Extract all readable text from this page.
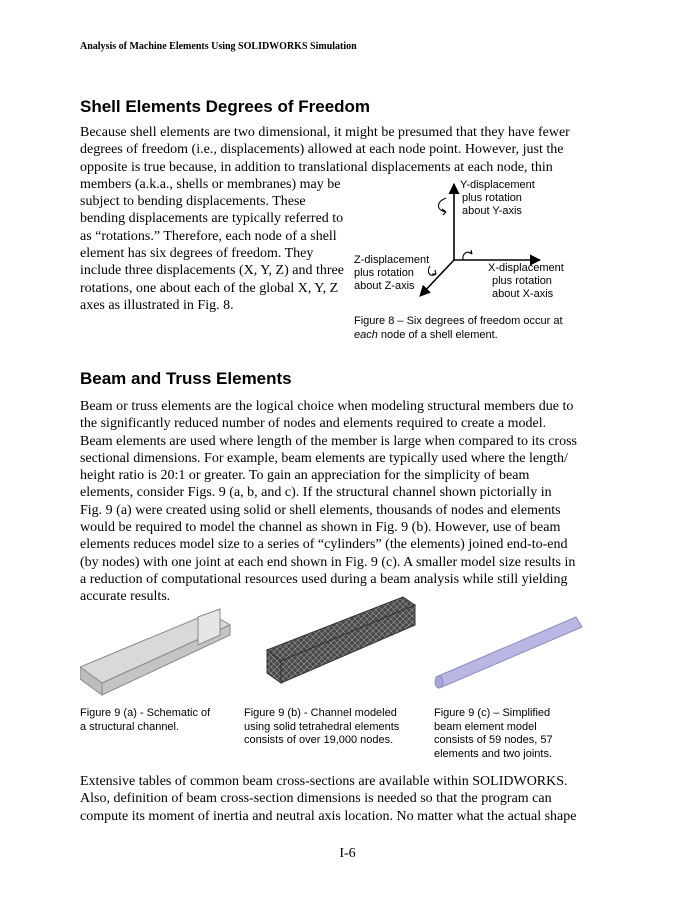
Analysis of Machine Elements Using SOLIDWORKS Simulation
Shell Elements Degrees of Freedom
Because shell elements are two dimensional, it might be presumed that they have fewer
degrees of freedom (i.e., displacements) allowed at each node point. However, just the
opposite is true because, in addition to translational displacements at each node, thin
members (a.k.a., shells or membranes) may be
subject to bending displacements. These
bending displacements are typically referred to
as “rotations.” Therefore, each node of a shell
element has six degrees of freedom. They
include three displacements (X, Y, Z) and three
rotations, one about each of the global X, Y, Z
axes as illustrated in Fig. 8.
Y-displacement
plus rotation
about Y-axis
Z-displacement
plus rotation
about Z-axis
X-displacement
plus rotation
about X-axis
Figure 8 – Six degrees of freedom occur at
each node of a shell element.
Beam and Truss Elements
Beam or truss elements are the logical choice when modeling structural members due to
the significantly reduced number of nodes and elements required to create a model.
Beam elements are used where length of the member is large when compared to its cross
sectional dimensions. For example, beam elements are typically used where the length/
height ratio is 20:1 or greater. To gain an appreciation for the simplicity of beam
elements, consider Figs. 9 (a, b, and c). If the structural channel shown pictorially in
Fig. 9 (a) were created using solid or shell elements, thousands of nodes and elements
would be required to model the channel as shown in Fig. 9 (b). However, use of beam
elements reduces model size to a series of “cylinders” (the elements) joined end-to-end
(by nodes) with one joint at each end shown in Fig. 9 (c). A smaller model size results in
a reduction of computational resources used during a beam analysis while still yielding
accurate results.
Figure 9 (a) - Schematic of
a structural channel.
Figure 9 (b) - Channel modeled
using solid tetrahedral elements
consists of over 19,000 nodes.
Figure 9 (c) – Simplified
beam element model
consists of 59 nodes, 57
elements and two joints.
Extensive tables of common beam cross-sections are available within SOLIDWORKS.
Also, definition of beam cross-section dimensions is needed so that the program can
compute its moment of inertia and neutral axis location. No matter what the actual shape
I-6
